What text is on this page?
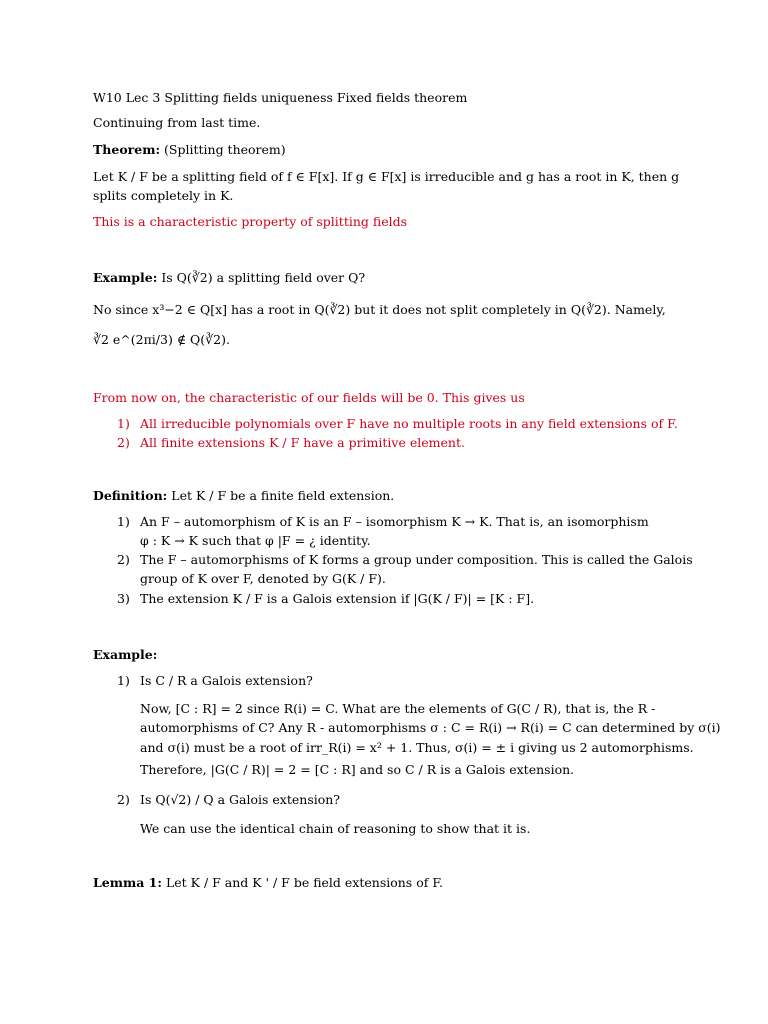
W10 Lec 3 Splitting fields uniqueness Fixed fields theorem
Continuing from last time.
Theorem: (Splitting theorem)
Let K / F be a splitting field of f ∈ F[x]. If g ∈ F[x] is irreducible and g has a root in K, then g
splits completely in K.
This is a characteristic property of splitting fields
Example: Is Q(∛2) a splitting field over Q?
No since x³−2 ∈ Q[x] has a root in Q(∛2) but it does not split completely in Q(∛2). Namely,
∛2 e^(2πi/3) ∉ Q(∛2).
From now on, the characteristic of our fields will be 0. This gives us
1) All irreducible polynomials over F have no multiple roots in any field extensions of F.
2) All finite extensions K / F have a primitive element.
Definition: Let K / F be a finite field extension.
1) An F – automorphism of K is an F – isomorphism K → K. That is, an isomorphism
φ : K → K such that φ |F = ¿ identity.
2) The F – automorphisms of K forms a group under composition. This is called the Galois
group of K over F, denoted by G(K / F).
3) The extension K / F is a Galois extension if |G(K / F)| = [K : F].
Example:
1) Is C / R a Galois extension?
Now, [C : R] = 2 since R(i) = C. What are the elements of G(C / R), that is, the R -
automorphisms of C? Any R - automorphisms σ : C = R(i) → R(i) = C can determined by σ(i)
and σ(i) must be a root of irr_R(i) = x² + 1. Thus, σ(i) = ± i giving us 2 automorphisms.
Therefore, |G(C / R)| = 2 = [C : R] and so C / R is a Galois extension.
2) Is Q(√2) / Q a Galois extension?
We can use the identical chain of reasoning to show that it is.
Lemma 1: Let K / F and K ' / F be field extensions of F.
